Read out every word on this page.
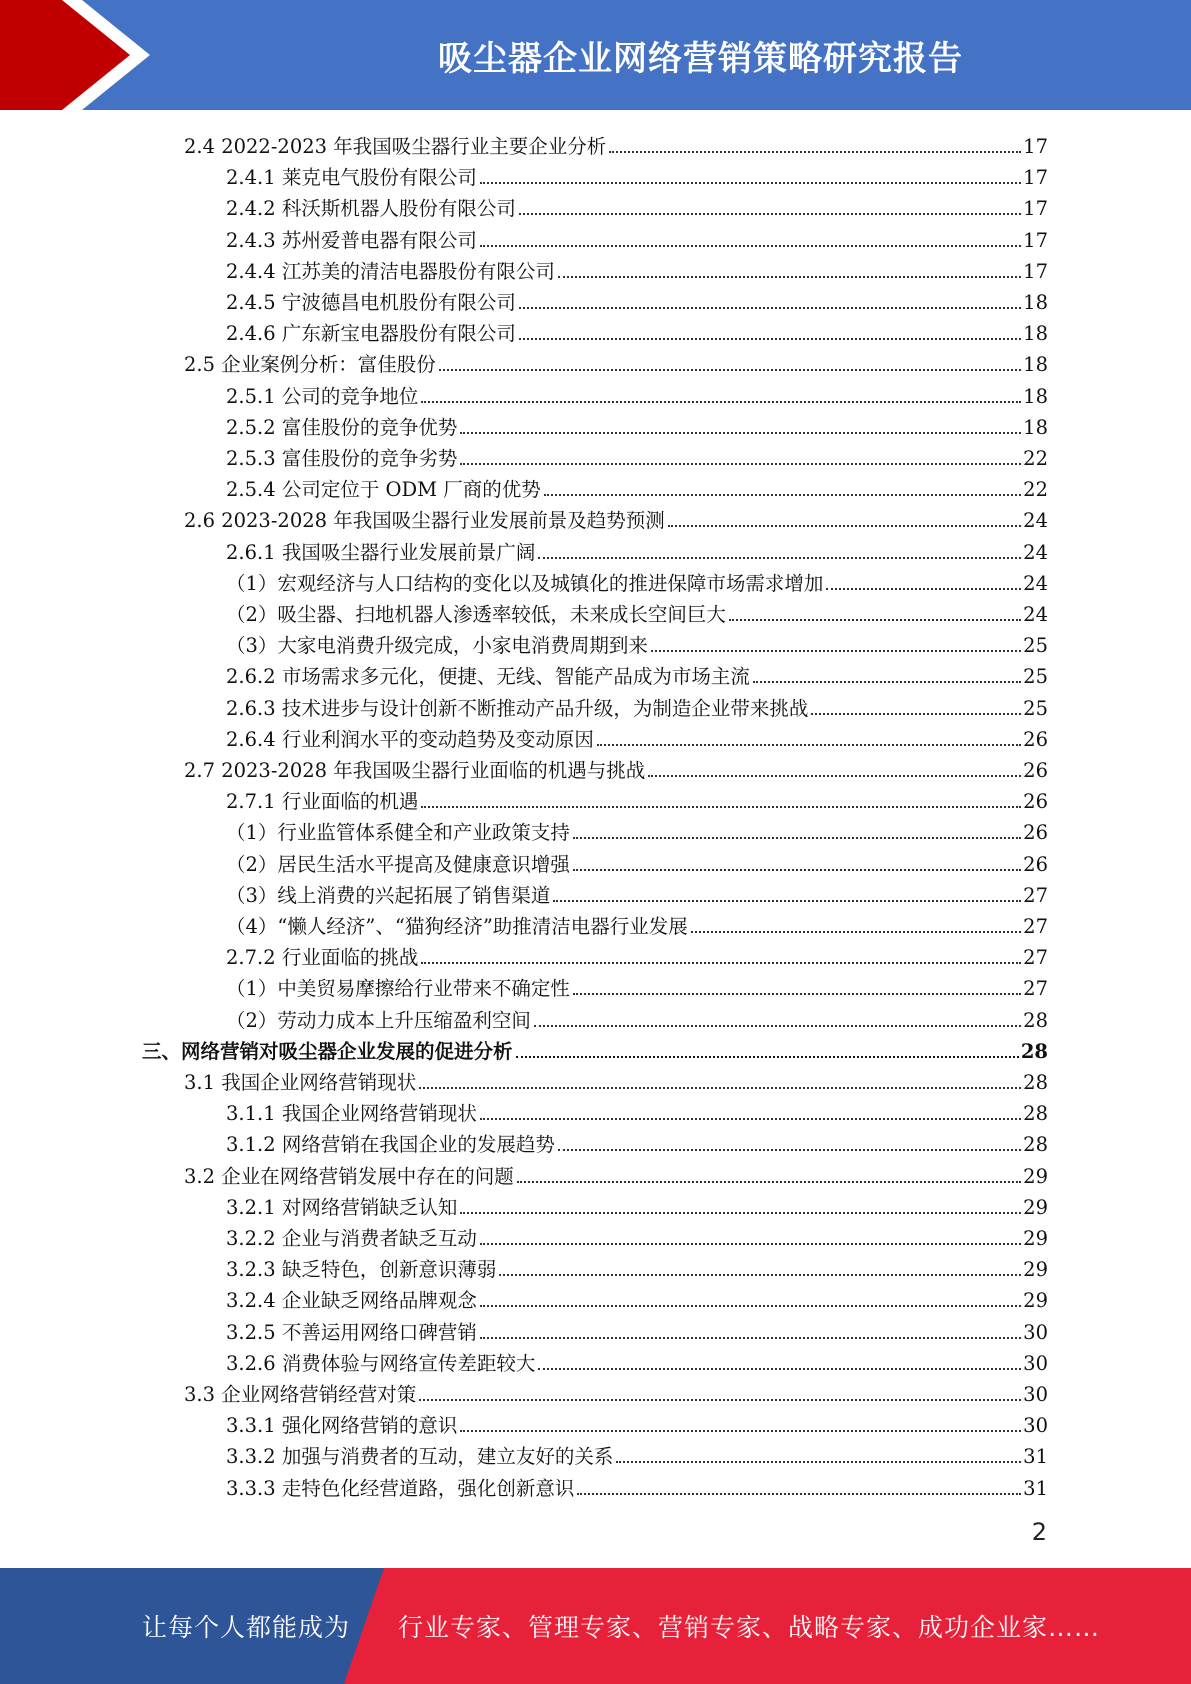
吸尘器企业网络营销策略研究报告
2.4 2022-2023 年我国吸尘器行业主要企业分析	17
2.4.1 莱克电气股份有限公司	17
2.4.2 科沃斯机器人股份有限公司	17
2.4.3 苏州爱普电器有限公司	17
2.4.4 江苏美的清洁电器股份有限公司	17
2.4.5 宁波德昌电机股份有限公司	18
2.4.6 广东新宝电器股份有限公司	18
2.5 企业案例分析：富佳股份	18
2.5.1 公司的竞争地位	18
2.5.2 富佳股份的竞争优势	18
2.5.3 富佳股份的竞争劣势	22
2.5.4 公司定位于 ODM 厂商的优势	22
2.6 2023-2028 年我国吸尘器行业发展前景及趋势预测	24
2.6.1 我国吸尘器行业发展前景广阔	24
（1）宏观经济与人口结构的变化以及城镇化的推进保障市场需求增加	24
（2）吸尘器、扫地机器人渗透率较低，未来成长空间巨大	24
（3）大家电消费升级完成，小家电消费周期到来	25
2.6.2 市场需求多元化，便捷、无线、智能产品成为市场主流	25
2.6.3 技术进步与设计创新不断推动产品升级，为制造企业带来挑战	25
2.6.4 行业利润水平的变动趋势及变动原因	26
2.7 2023-2028 年我国吸尘器行业面临的机遇与挑战	26
2.7.1 行业面临的机遇	26
（1）行业监管体系健全和产业政策支持	26
（2）居民生活水平提高及健康意识增强	26
（3）线上消费的兴起拓展了销售渠道	27
（4）“懒人经济”、“猫狗经济”助推清洁电器行业发展	27
2.7.2 行业面临的挑战	27
（1）中美贸易摩擦给行业带来不确定性	27
（2）劳动力成本上升压缩盈利空间	28
三、网络营销对吸尘器企业发展的促进分析	28
3.1 我国企业网络营销现状	28
3.1.1 我国企业网络营销现状	28
3.1.2 网络营销在我国企业的发展趋势	28
3.2 企业在网络营销发展中存在的问题	29
3.2.1 对网络营销缺乏认知	29
3.2.2 企业与消费者缺乏互动	29
3.2.3 缺乏特色，创新意识薄弱	29
3.2.4 企业缺乏网络品牌观念	29
3.2.5 不善运用网络口碑营销	30
3.2.6 消费体验与网络宣传差距较大	30
3.3 企业网络营销经营对策	30
3.3.1 强化网络营销的意识	30
3.3.2 加强与消费者的互动，建立友好的关系	31
3.3.3 走特色化经营道路，强化创新意识	31
2
让每个人都能成为 行业专家、管理专家、营销专家、战略专家、成功企业家……
